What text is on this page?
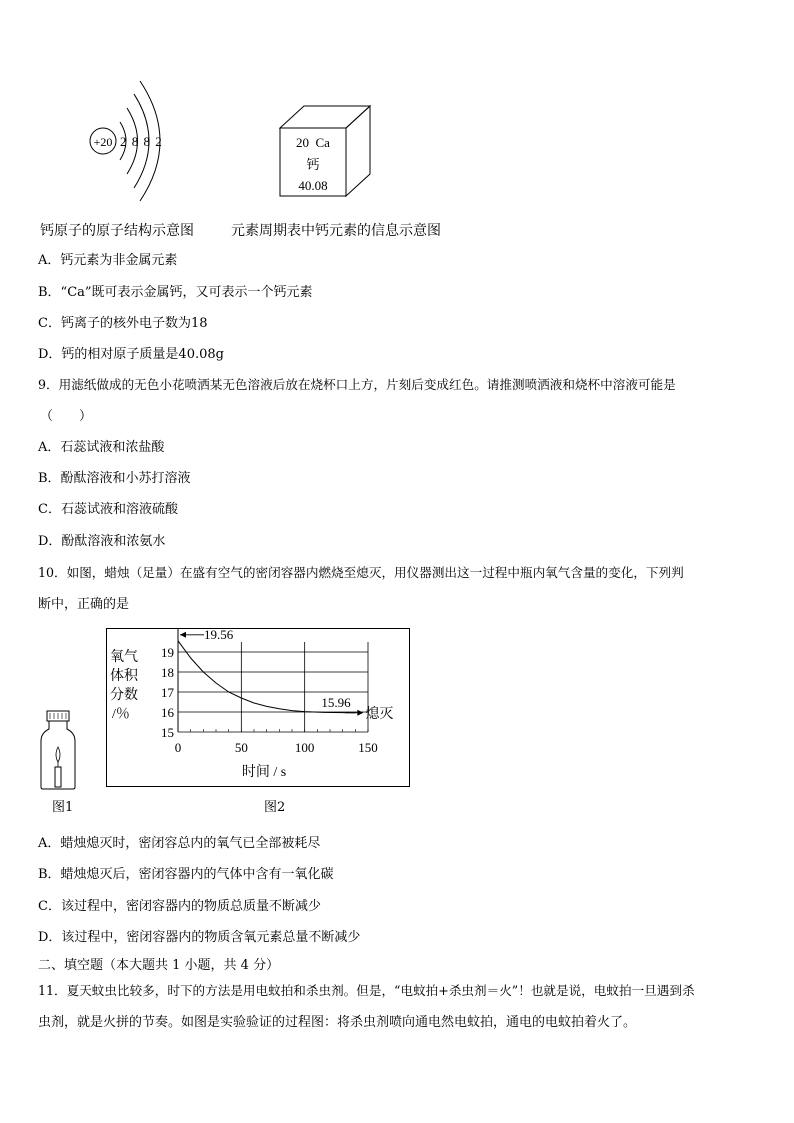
+20 2 8 8 2	20  Ca
钙
40.08
钙原子的原子结构示意图	元素周期表中钙元素的信息示意图
A．钙元素为非金属元素
B．“Ca”既可表示金属钙，又可表示一个钙元素
C．钙离子的核外电子数为18
D．钙的相对原子质量是40.08g
9．用滤纸做成的无色小花喷洒某无色溶液后放在烧杯口上方，片刻后变成红色。请推测喷洒液和烧杯中溶液可能是
（　　）
A．石蕊试液和浓盐酸
B．酚酞溶液和小苏打溶液
C．石蕊试液和溶液硫酸
D．酚酞溶液和浓氨水
10．如图，蜡烛（足量）在盛有空气的密闭容器内燃烧至熄灭，用仪器测出这一过程中瓶内氧气含量的变化，下列判
断中，正确的是
图1
氧气
体积
分数
/％
15
16
17
18
19
0	50	100	150
19.56
15.96
熄灭
时间 / s
图2
A．蜡烛熄灭时，密闭容总内的氧气已全部被耗尽
B．蜡烛熄灭后，密闭容器内的气体中含有一氧化碳
C．该过程中，密闭容器内的物质总质量不断减少
D．该过程中，密闭容器内的物质含氧元素总量不断减少
二、填空题（本大题共 1 小题，共 4 分）
11．夏天蚊虫比较多，时下的方法是用电蚊拍和杀虫剂。但是，“电蚊拍+杀虫剂＝火”！也就是说，电蚊拍一旦遇到杀
虫剂，就是火拼的节奏。如图是实验验证的过程图：将杀虫剂喷向通电然电蚊拍，通电的电蚊拍着火了。
